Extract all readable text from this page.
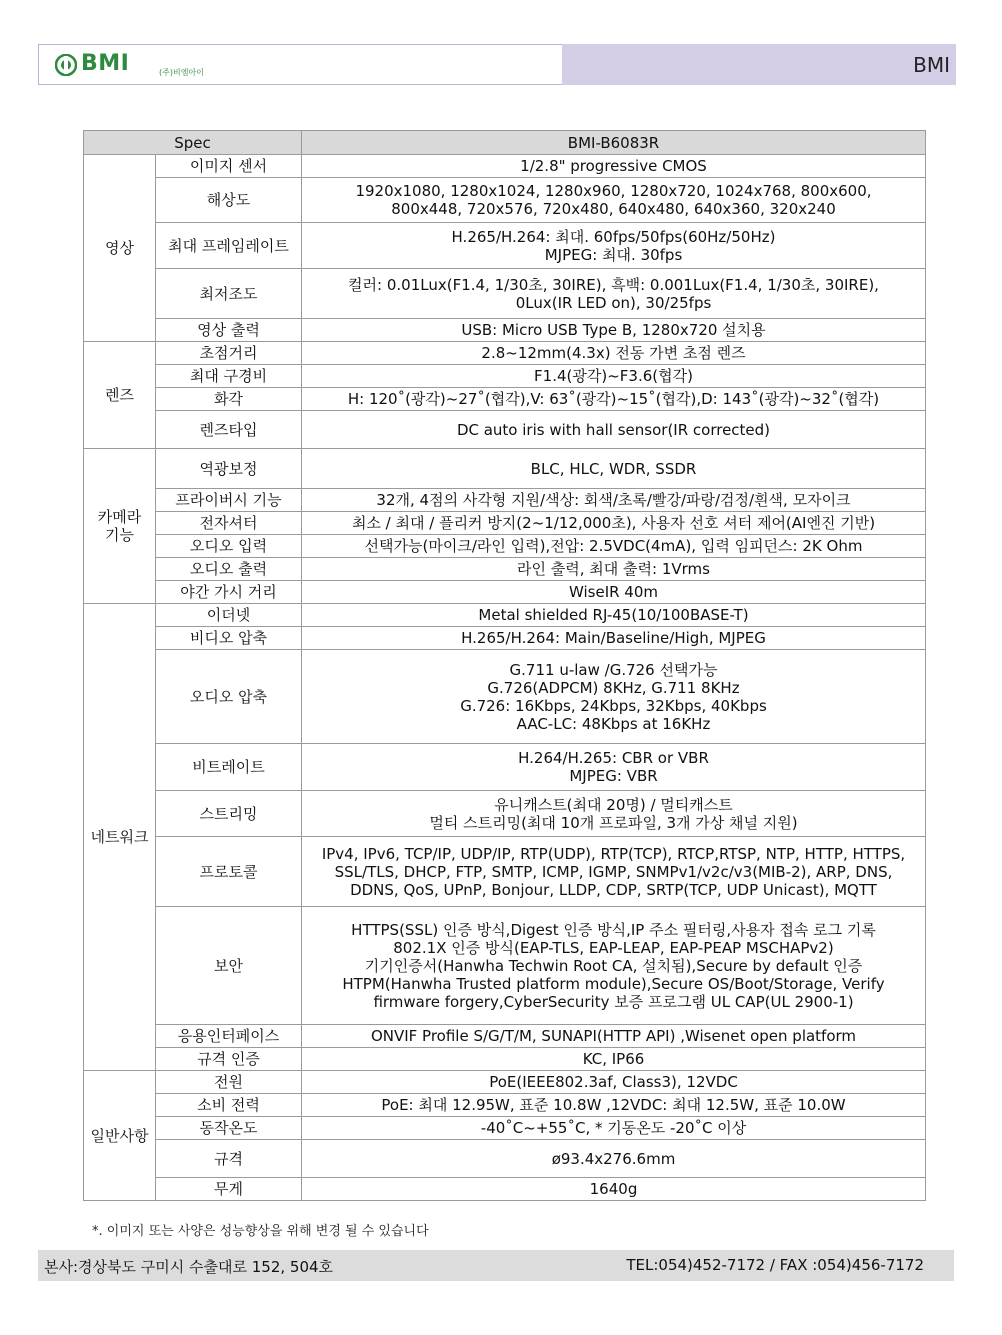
BMI	(주)비엠아이	BMI
Spec		BMI-B6083R
영상	이미지 센서	1/2.8" progressive CMOS
	해상도	1920x1080, 1280x1024, 1280x960, 1280x720, 1024x768, 800x600,
800x448, 720x576, 720x480, 640x480, 640x360, 320x240
	최대 프레임레이트	H.265/H.264: 최대. 60fps/50fps(60Hz/50Hz)
MJPEG: 최대. 30fps
	최저조도	컬러: 0.01Lux(F1.4, 1/30초, 30IRE), 흑백: 0.001Lux(F1.4, 1/30초, 30IRE),
0Lux(IR LED on), 30/25fps
	영상 출력	USB: Micro USB Type B, 1280x720 설치용
렌즈	초점거리	2.8~12mm(4.3x) 전동 가변 초점 렌즈
	최대 구경비	F1.4(광각)~F3.6(협각)
	화각	H: 120˚(광각)~27˚(협각),V: 63˚(광각)~15˚(협각),D: 143˚(광각)~32˚(협각)
	렌즈타입	DC auto iris with hall sensor(IR corrected)
카메라
기능	역광보정	BLC, HLC, WDR, SSDR
	프라이버시 기능	32개, 4점의 사각형 지원/색상: 회색/초록/빨강/파랑/검정/흰색, 모자이크
	전자셔터	최소 / 최대 / 플리커 방지(2~1/12,000초), 사용자 선호 셔터 제어(AI엔진 기반)
	오디오 입력	선택가능(마이크/라인 입력),전압: 2.5VDC(4mA), 입력 임피던스: 2K Ohm
	오디오 출력	라인 출력, 최대 출력: 1Vrms
	야간 가시 거리	WiseIR 40m
네트워크	이더넷	Metal shielded RJ-45(10/100BASE-T)
	비디오 압축	H.265/H.264: Main/Baseline/High, MJPEG
	오디오 압축	G.711 u-law /G.726 선택가능
G.726(ADPCM) 8KHz, G.711 8KHz
G.726: 16Kbps, 24Kbps, 32Kbps, 40Kbps
AAC-LC: 48Kbps at 16KHz
	비트레이트	H.264/H.265: CBR or VBR
MJPEG: VBR
	스트리밍	유니캐스트(최대 20명) / 멀티캐스트
멀티 스트리밍(최대 10개 프로파일, 3개 가상 채널 지원)
	프로토콜	IPv4, IPv6, TCP/IP, UDP/IP, RTP(UDP), RTP(TCP), RTCP,RTSP, NTP, HTTP, HTTPS,
SSL/TLS, DHCP, FTP, SMTP, ICMP, IGMP, SNMPv1/v2c/v3(MIB-2), ARP, DNS,
DDNS, QoS, UPnP, Bonjour, LLDP, CDP, SRTP(TCP, UDP Unicast), MQTT
	보안	HTTPS(SSL) 인증 방식,Digest 인증 방식,IP 주소 필터링,사용자 접속 로그 기록
802.1X 인증 방식(EAP-TLS, EAP-LEAP, EAP-PEAP MSCHAPv2)
기기인증서(Hanwha Techwin Root CA, 설치됨),Secure by default 인증
HTPM(Hanwha Trusted platform module),Secure OS/Boot/Storage, Verify
firmware forgery,CyberSecurity 보증 프로그램 UL CAP(UL 2900-1)
	응용인터페이스	ONVIF Profile S/G/T/M, SUNAPI(HTTP API) ,Wisenet open platform
	규격 인증	KC, IP66
일반사항	전원	PoE(IEEE802.3af, Class3), 12VDC
	소비 전력	PoE: 최대 12.95W, 표준 10.8W ,12VDC: 최대 12.5W, 표준 10.0W
	동작온도	-40˚C~+55˚C, * 기동온도 -20˚C 이상
	규격	ø93.4x276.6mm
	무게	1640g
*. 이미지 또는 사양은 성능향상을 위해 변경 될 수 있습니다
본사:경상북도 구미시 수출대로 152, 504호	TEL:054)452-7172 / FAX :054)456-7172
